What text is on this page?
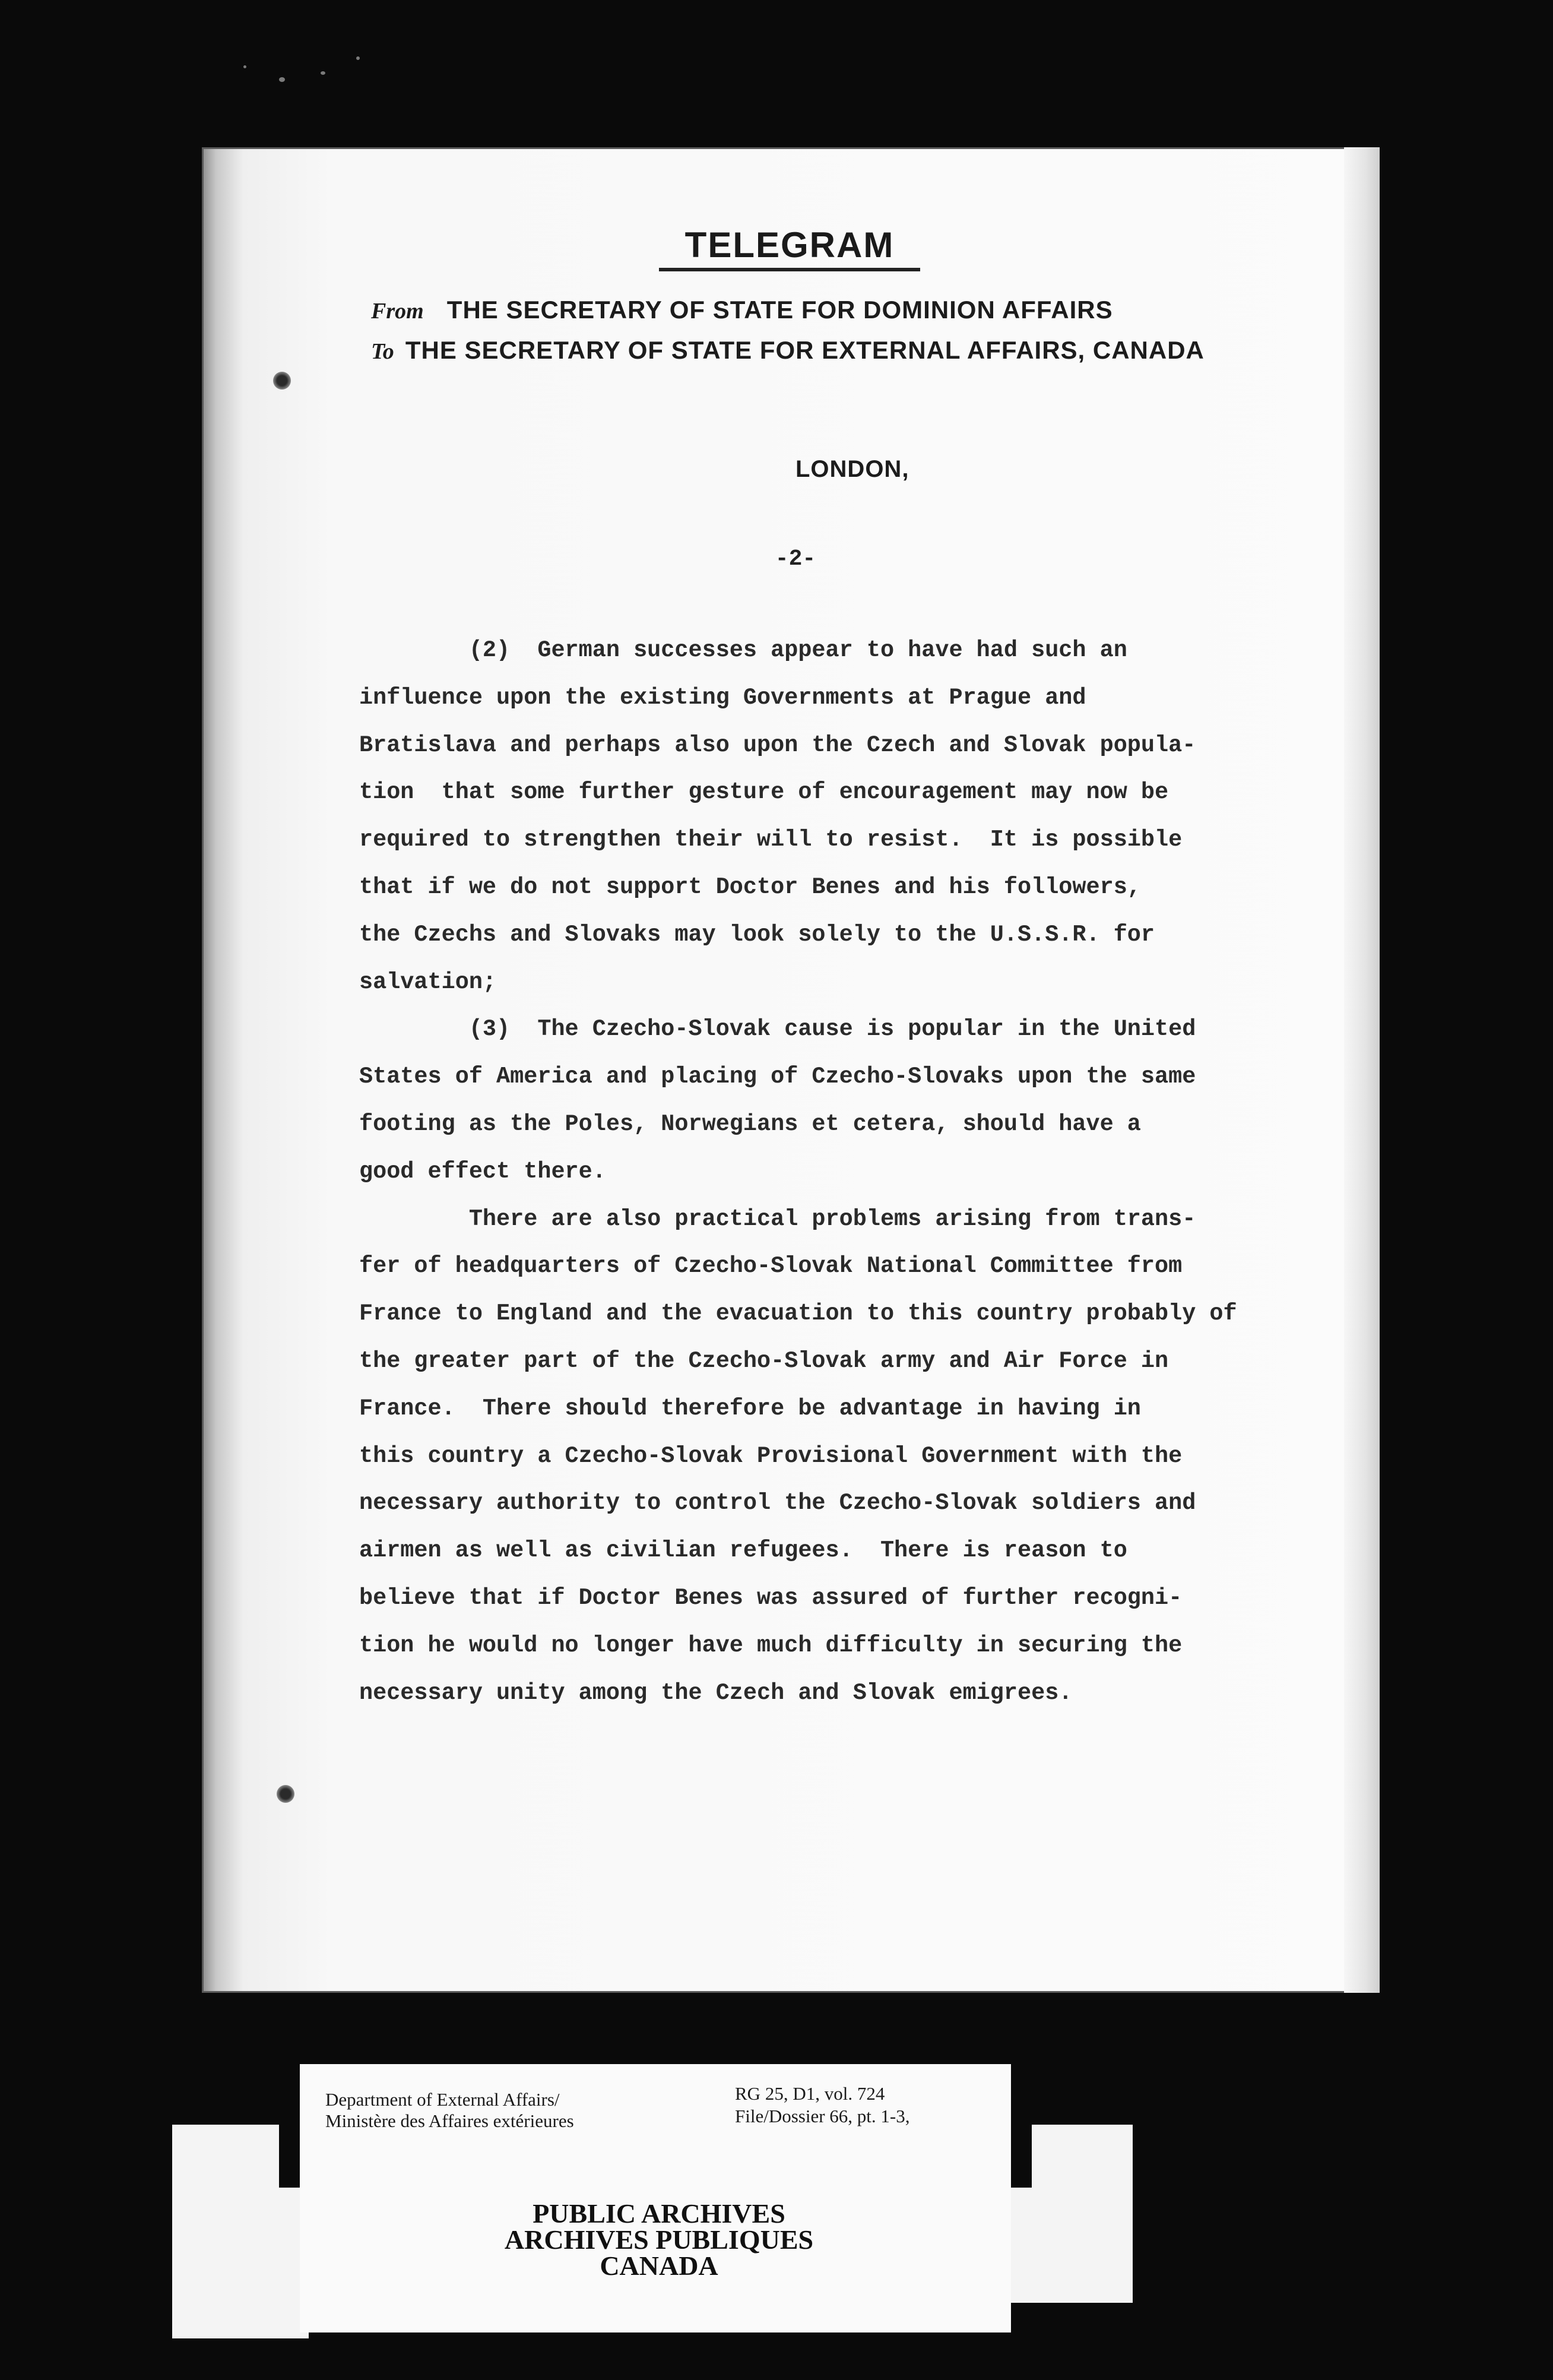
TELEGRAM
From THE SECRETARY OF STATE FOR DOMINION AFFAIRS
To THE SECRETARY OF STATE FOR EXTERNAL AFFAIRS, CANADA

LONDON,

-2-
(2)  German successes appear to have had such an
influence upon the existing Governments at Prague and
Bratislava and perhaps also upon the Czech and Slovak popula-
tion  that some further gesture of encouragement may now be
required to strengthen their will to resist.  It is possible
that if we do not support Doctor Benes and his followers,
the Czechs and Slovaks may look solely to the U.S.S.R. for
salvation;
(3)  The Czecho-Slovak cause is popular in the United
States of America and placing of Czecho-Slovaks upon the same
footing as the Poles, Norwegians et cetera, should have a
good effect there.
There are also practical problems arising from trans-
fer of headquarters of Czecho-Slovak National Committee from
France to England and the evacuation to this country probably of
the greater part of the Czecho-Slovak army and Air Force in
France.  There should therefore be advantage in having in
this country a Czecho-Slovak Provisional Government with the
necessary authority to control the Czecho-Slovak soldiers and
airmen as well as civilian refugees.  There is reason to
believe that if Doctor Benes was assured of further recogni-
tion he would no longer have much difficulty in securing the
necessary unity among the Czech and Slovak emigrees.
Department of External Affairs/
Ministère des Affaires extérieures
RG 25, D1, vol. 724
File/Dossier 66, pt. 1-3,
PUBLIC ARCHIVES
ARCHIVES PUBLIQUES
CANADA
